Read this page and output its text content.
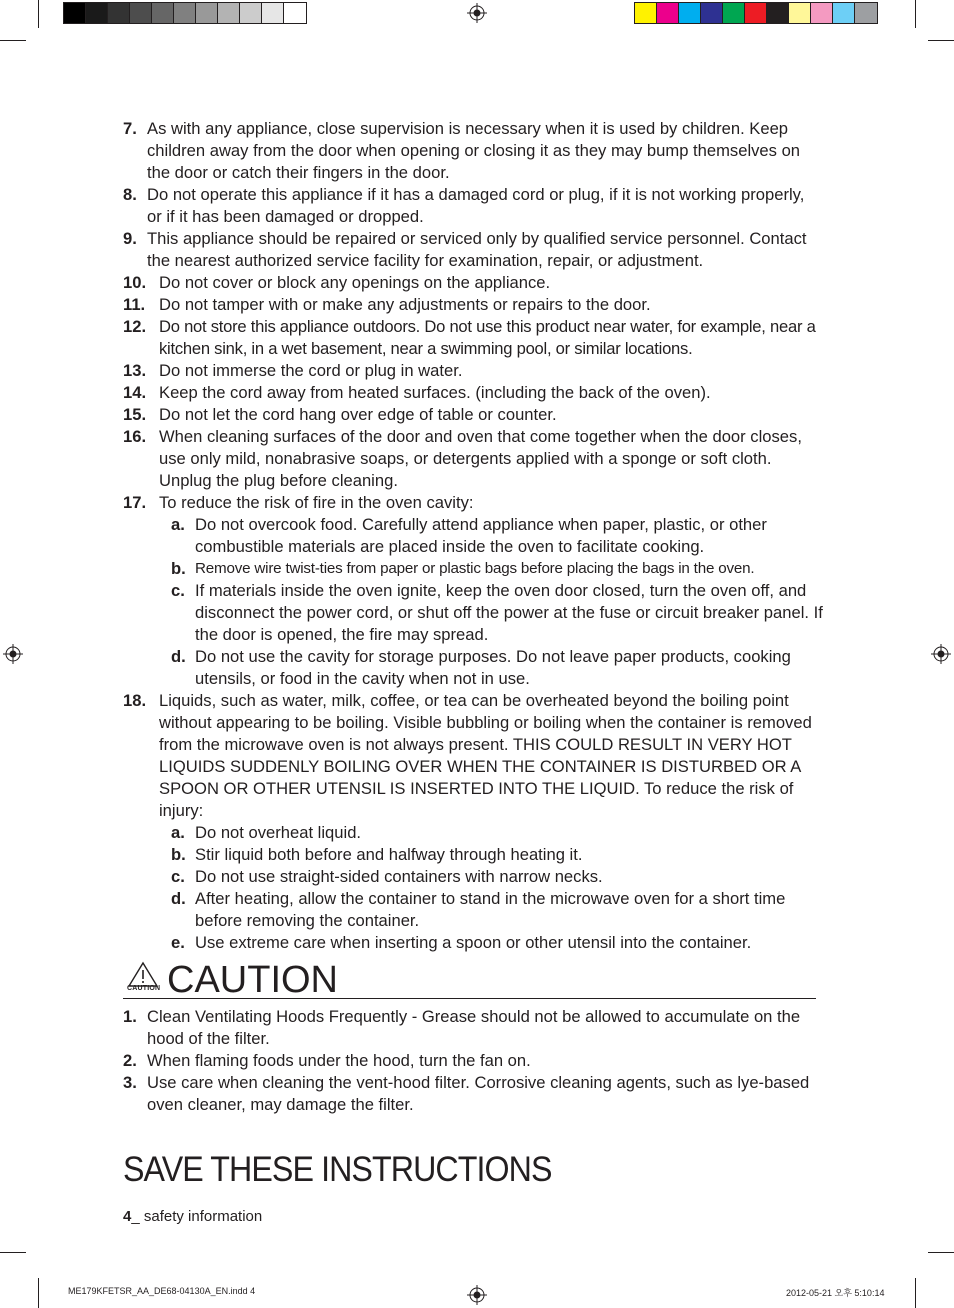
7. As with any appliance, close supervision is necessary when it is used by children. Keep children away from the door when opening or closing it as they may bump themselves on the door or catch their fingers in the door.
8. Do not operate this appliance if it has a damaged cord or plug, if it is not working properly, or if it has been damaged or dropped.
9. This appliance should be repaired or serviced only by qualified service personnel. Contact the nearest authorized service facility for examination, repair, or adjustment.
10. Do not cover or block any openings on the appliance.
11. Do not tamper with or make any adjustments or repairs to the door.
12. Do not store this appliance outdoors. Do not use this product near water, for example, near a kitchen sink, in a wet basement, near a swimming pool, or similar locations.
13. Do not immerse the cord or plug in water.
14. Keep the cord away from heated surfaces. (including the back of the oven).
15. Do not let the cord hang over edge of table or counter.
16. When cleaning surfaces of the door and oven that come together when the door closes, use only mild, nonabrasive soaps, or detergents applied with a sponge or soft cloth. Unplug the plug before cleaning.
17. To reduce the risk of fire in the oven cavity:
a. Do not overcook food. Carefully attend appliance when paper, plastic, or other combustible materials are placed inside the oven to facilitate cooking.
b. Remove wire twist-ties from paper or plastic bags before placing the bags in the oven.
c. If materials inside the oven ignite, keep the oven door closed, turn the oven off, and disconnect the power cord, or shut off the power at the fuse or circuit breaker panel. If the door is opened, the fire may spread.
d. Do not use the cavity for storage purposes. Do not leave paper products, cooking utensils, or food in the cavity when not in use.
18. Liquids, such as water, milk, coffee, or tea can be overheated beyond the boiling point without appearing to be boiling. Visible bubbling or boiling when the container is removed from the microwave oven is not always present. THIS COULD RESULT IN VERY HOT LIQUIDS SUDDENLY BOILING OVER WHEN THE CONTAINER IS DISTURBED OR A SPOON OR OTHER UTENSIL IS INSERTED INTO THE LIQUID. To reduce the risk of injury:
a. Do not overheat liquid.
b. Stir liquid both before and halfway through heating it.
c. Do not use straight-sided containers with narrow necks.
d. After heating, allow the container to stand in the microwave oven for a short time before removing the container.
e. Use extreme care when inserting a spoon or other utensil into the container.
CAUTION CAUTION
1. Clean Ventilating Hoods Frequently - Grease should not be allowed to accumulate on the hood of the filter.
2. When flaming foods under the hood, turn the fan on.
3. Use care when cleaning the vent-hood filter. Corrosive cleaning agents, such as lye-based oven cleaner, may damage the filter.
SAVE THESE INSTRUCTIONS
4_ safety information
ME179KFETSR_AA_DE68-04130A_EN.indd 4	2012-05-21 오후 5:10:14
